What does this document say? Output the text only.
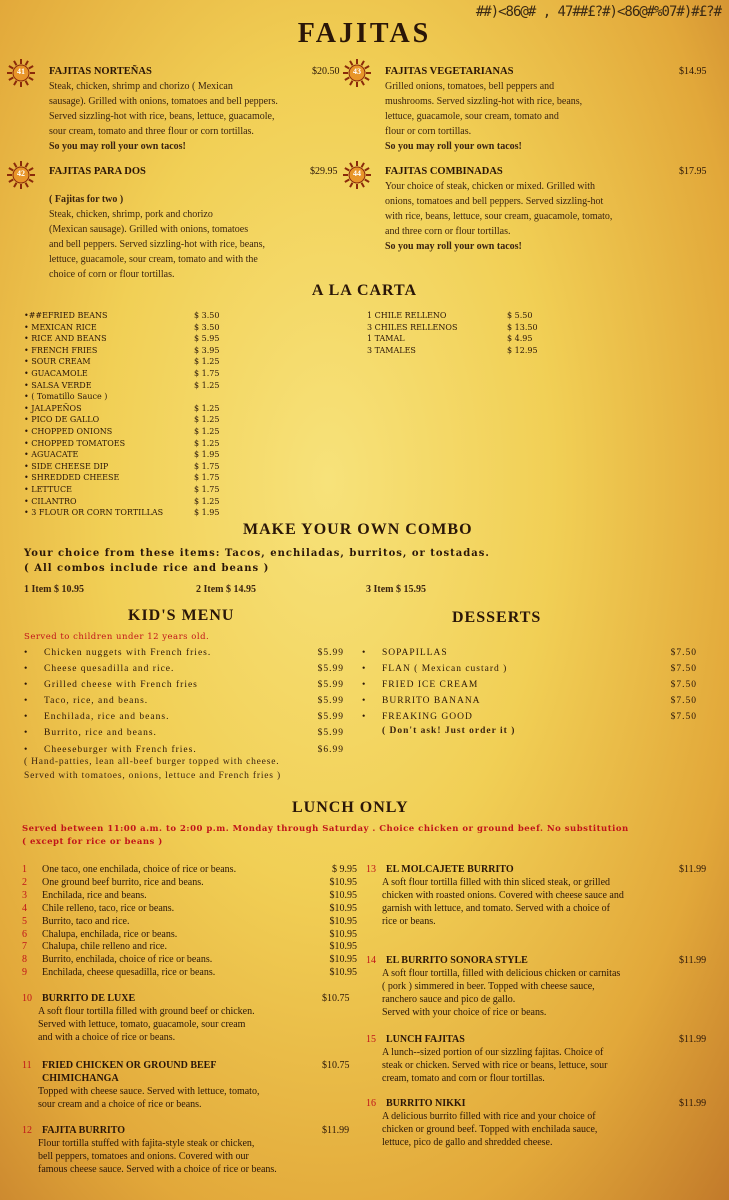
##)<86@# , 47##£?#)<86@#%07#)#£?#
FAJITAS
41	FAJITAS NORTEÑAS	$20.50
Steak, chicken, shrimp and chorizo ( Mexican
sausage). Grilled with onions, tomatoes and bell peppers.
Served sizzling-hot with rice, beans, lettuce, guacamole,
sour cream, tomato and three flour or corn tortillas.
So you may roll your own tacos!
43	FAJITAS VEGETARIANAS	$14.95
Grilled onions, tomatoes, bell peppers and
mushrooms. Served sizzling-hot with rice, beans,
lettuce, guacamole, sour cream, tomato and
flour or corn tortillas.
So you may roll your own tacos!
42	FAJITAS PARA DOS	$29.95
( Fajitas for two )
Steak, chicken, shrimp, pork and chorizo
(Mexican sausage). Grilled with onions, tomatoes
and bell peppers. Served sizzling-hot with rice, beans,
lettuce, guacamole, sour cream, tomato and with the
choice of corn or flour tortillas.
44	FAJITAS COMBINADAS	$17.95
Your choice of steak, chicken or mixed. Grilled with
onions, tomatoes and bell peppers. Served sizzling-hot
with rice, beans, lettuce, sour cream, guacamole, tomato,
and three corn or flour tortillas.
So you may roll your own tacos!
A LA CARTA
•##EFRIED BEANS	$ 3.50
• MEXICAN RICE	$ 3.50
• RICE AND BEANS	$ 5.95
• FRENCH FRIES	$ 3.95
• SOUR CREAM	$ 1.25
• GUACAMOLE	$ 1.75
• SALSA VERDE	$ 1.25
• ( Tomatillo Sauce )
• JALAPEÑOS	$ 1.25
• PICO DE GALLO	$ 1.25
• CHOPPED ONIONS	$ 1.25
• CHOPPED TOMATOES	$ 1.25
• AGUACATE	$ 1.95
• SIDE CHEESE DIP	$ 1.75
• SHREDDED CHEESE	$ 1.75
• LETTUCE	$ 1.75
• CILANTRO	$ 1.25
• 3 FLOUR OR CORN TORTILLAS	$ 1.95
1 CHILE RELLENO	$ 5.50
3 CHILES RELLENOS	$ 13.50
1 TAMAL	$ 4.95
3 TAMALES	$ 12.95
MAKE YOUR OWN COMBO
Your choice from these items: Tacos, enchiladas, burritos, or tostadas.
( All combos include rice and beans )
1 Item $ 10.95	2 Item $ 14.95	3 Item $ 15.95
KID'S MENU
Served to children under 12 years old.
•	Chicken nuggets with French fries.	$5.99
•	Cheese quesadilla and rice.	$5.99
•	Grilled cheese with French fries	$5.99
•	Taco, rice, and beans.	$5.99
•	Enchilada, rice and beans.	$5.99
•	Burrito, rice and beans.	$5.99
•	Cheeseburger with French fries.	$6.99
( Hand-patties, lean all-beef burger topped with cheese.
Served with tomatoes, onions, lettuce and French fries )
DESSERTS
•	SOPAPILLAS	$7.50
•	FLAN ( Mexican custard )	$7.50
•	FRIED ICE CREAM	$7.50
•	BURRITO BANANA	$7.50
•	FREAKING GOOD	$7.50
( Don't ask! Just order it )
LUNCH ONLY
Served between 11:00 a.m. to 2:00 p.m. Monday through Saturday . Choice chicken or ground beef. No substitution
( except for rice or beans )
1	One taco, one enchilada, choice of rice or beans.	$ 9.95
2	One ground beef burrito, rice and beans.	$10.95
3	Enchilada, rice and beans.	$10.95
4	Chile relleno, taco, rice or beans.	$10.95
5	Burrito, taco and rice.	$10.95
6	Chalupa, enchilada, rice or beans.	$10.95
7	Chalupa, chile relleno and rice.	$10.95
8	Burrito, enchilada, choice of rice or beans.	$10.95
9	Enchilada, cheese quesadilla, rice or beans.	$10.95
10	BURRITO DE LUXE
A soft flour tortilla filled with ground beef or chicken.
Served with lettuce, tomato, guacamole, sour cream
and with a choice of rice or beans.
$10.75
11	FRIED CHICKEN OR GROUND BEEF
CHIMICHANGA
Topped with cheese sauce. Served with lettuce, tomato,
sour cream and a choice of rice or beans.
$10.75
12	FAJITA BURRITO
Flour tortilla stuffed with fajita-style steak or chicken,
bell peppers, tomatoes and onions. Covered with our
famous cheese sauce. Served with a choice of rice or beans.
$11.99
13	EL MOLCAJETE BURRITO
A soft flour tortilla filled with thin sliced steak, or grilled
chicken with roasted onions. Covered with cheese sauce and
garnish with lettuce, and tomato. Served with a choice of
rice or beans.
$11.99
14	EL BURRITO SONORA STYLE
A soft flour tortilla, filled with delicious chicken or carnitas
( pork ) simmered in beer. Topped with cheese sauce,
ranchero sauce and pico de gallo.
Served with your choice of rice or beans.
$11.99
15	LUNCH FAJITAS
A lunch--sized portion of our sizzling fajitas. Choice of
steak or chicken. Served with rice or beans, lettuce, sour
cream, tomato and corn or flour tortillas.
$11.99
16	BURRITO NIKKI
A delicious burrito filled with rice and your choice of
chicken or ground beef. Topped with enchilada sauce,
lettuce, pico de gallo and shredded cheese.
$11.99
